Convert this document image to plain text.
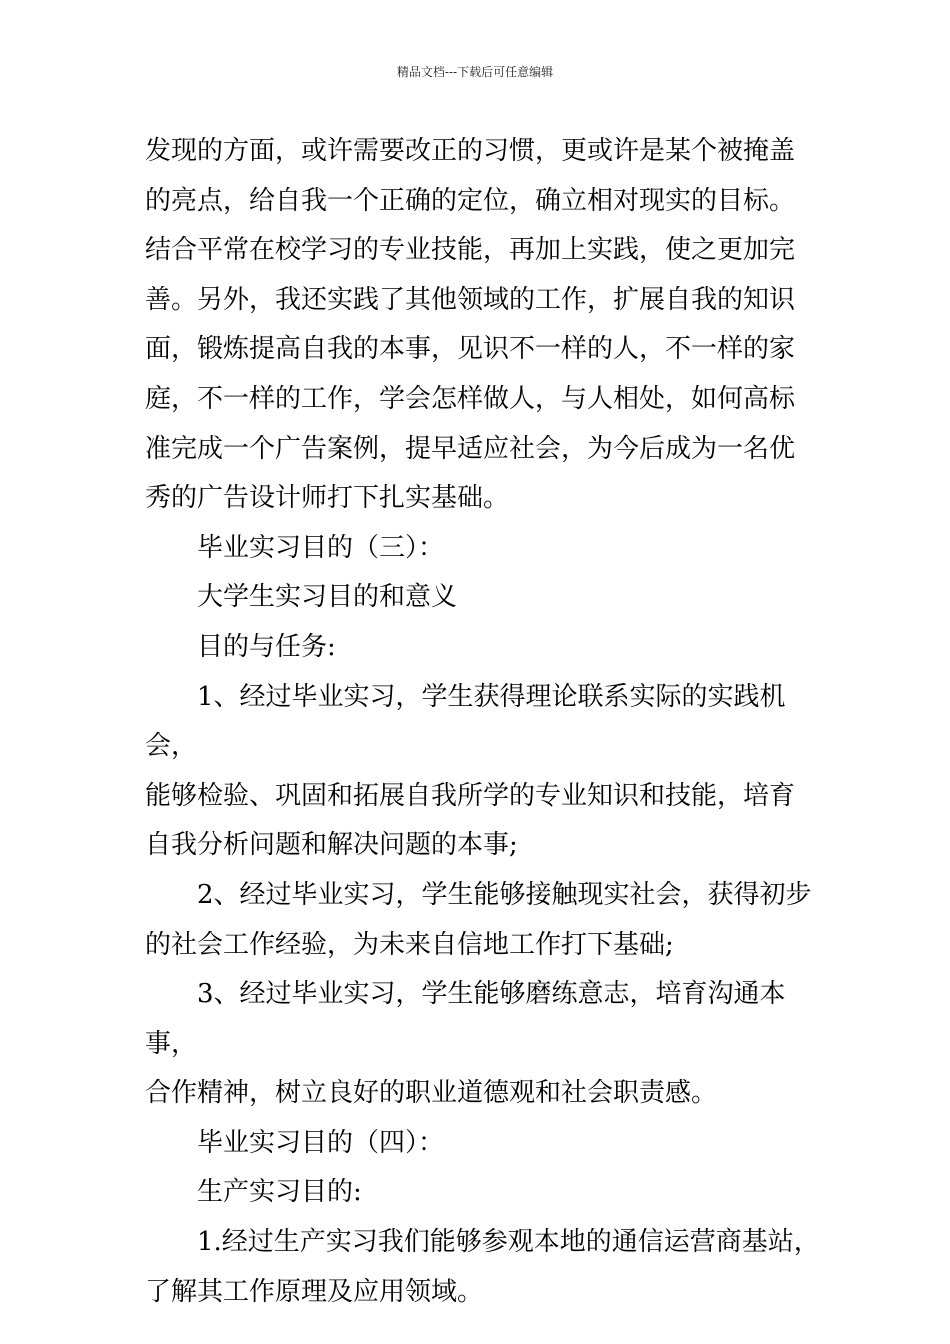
精品文档---下载后可任意编辑

发现的方面，或许需要改正的习惯，更或许是某个被掩盖
的亮点，给自我一个正确的定位，确立相对现实的目标。
结合平常在校学习的专业技能，再加上实践，使之更加完
善。另外，我还实践了其他领域的工作，扩展自我的知识
面，锻炼提高自我的本事，见识不一样的人，不一样的家
庭，不一样的工作，学会怎样做人，与人相处，如何高标
准完成一个广告案例，提早适应社会，为今后成为一名优
秀的广告设计师打下扎实基础。

毕业实习目的（三）：

大学生实习目的和意义

目的与任务:

1、经过毕业实习，学生获得理论联系实际的实践机会，
能够检验、巩固和拓展自我所学的专业知识和技能，培育
自我分析问题和解决问题的本事;

2、经过毕业实习，学生能够接触现实社会，获得初步
的社会工作经验，为未来自信地工作打下基础;

3、经过毕业实习，学生能够磨练意志，培育沟通本事，
合作精神，树立良好的职业道德观和社会职责感。

毕业实习目的（四）：

生产实习目的:

1.经过生产实习我们能够参观本地的通信运营商基站，
了解其工作原理及应用领域。
